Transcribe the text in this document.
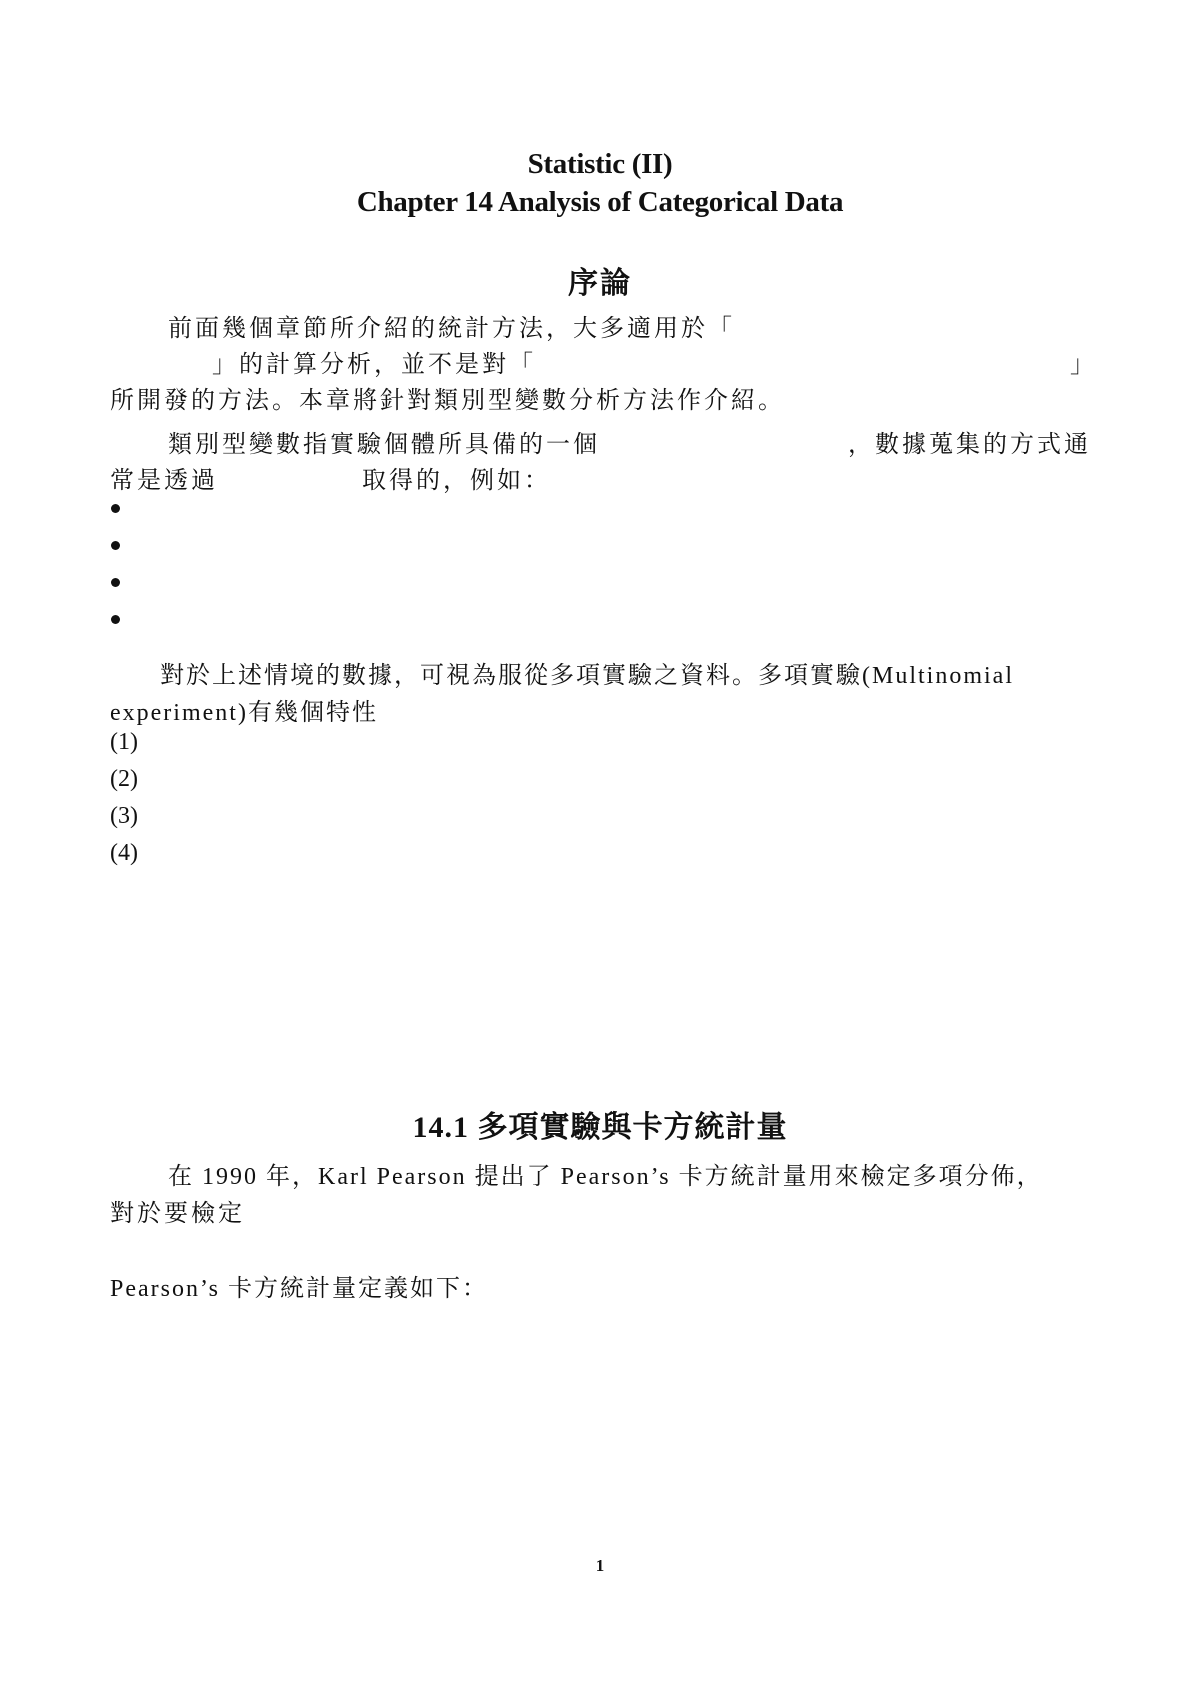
Statistic (II)
Chapter 14 Analysis of Categorical Data
序論
前面幾個章節所介紹的統計方法，大多適用於「
」的計算分析，並不是對「	」
所開發的方法。本章將針對類別型變數分析方法作介紹。
類別型變數指實驗個體所具備的一個	，數據蒐集的方式通
常是透過	取得的，例如：
對於上述情境的數據，可視為服從多項實驗之資料。多項實驗(Multinomial
experiment)有幾個特性
(1)
(2)
(3)
(4)
14.1 多項實驗與卡方統計量
在 1990 年，Karl Pearson 提出了 Pearson’s 卡方統計量用來檢定多項分佈，
對於要檢定
Pearson’s 卡方統計量定義如下：
1
